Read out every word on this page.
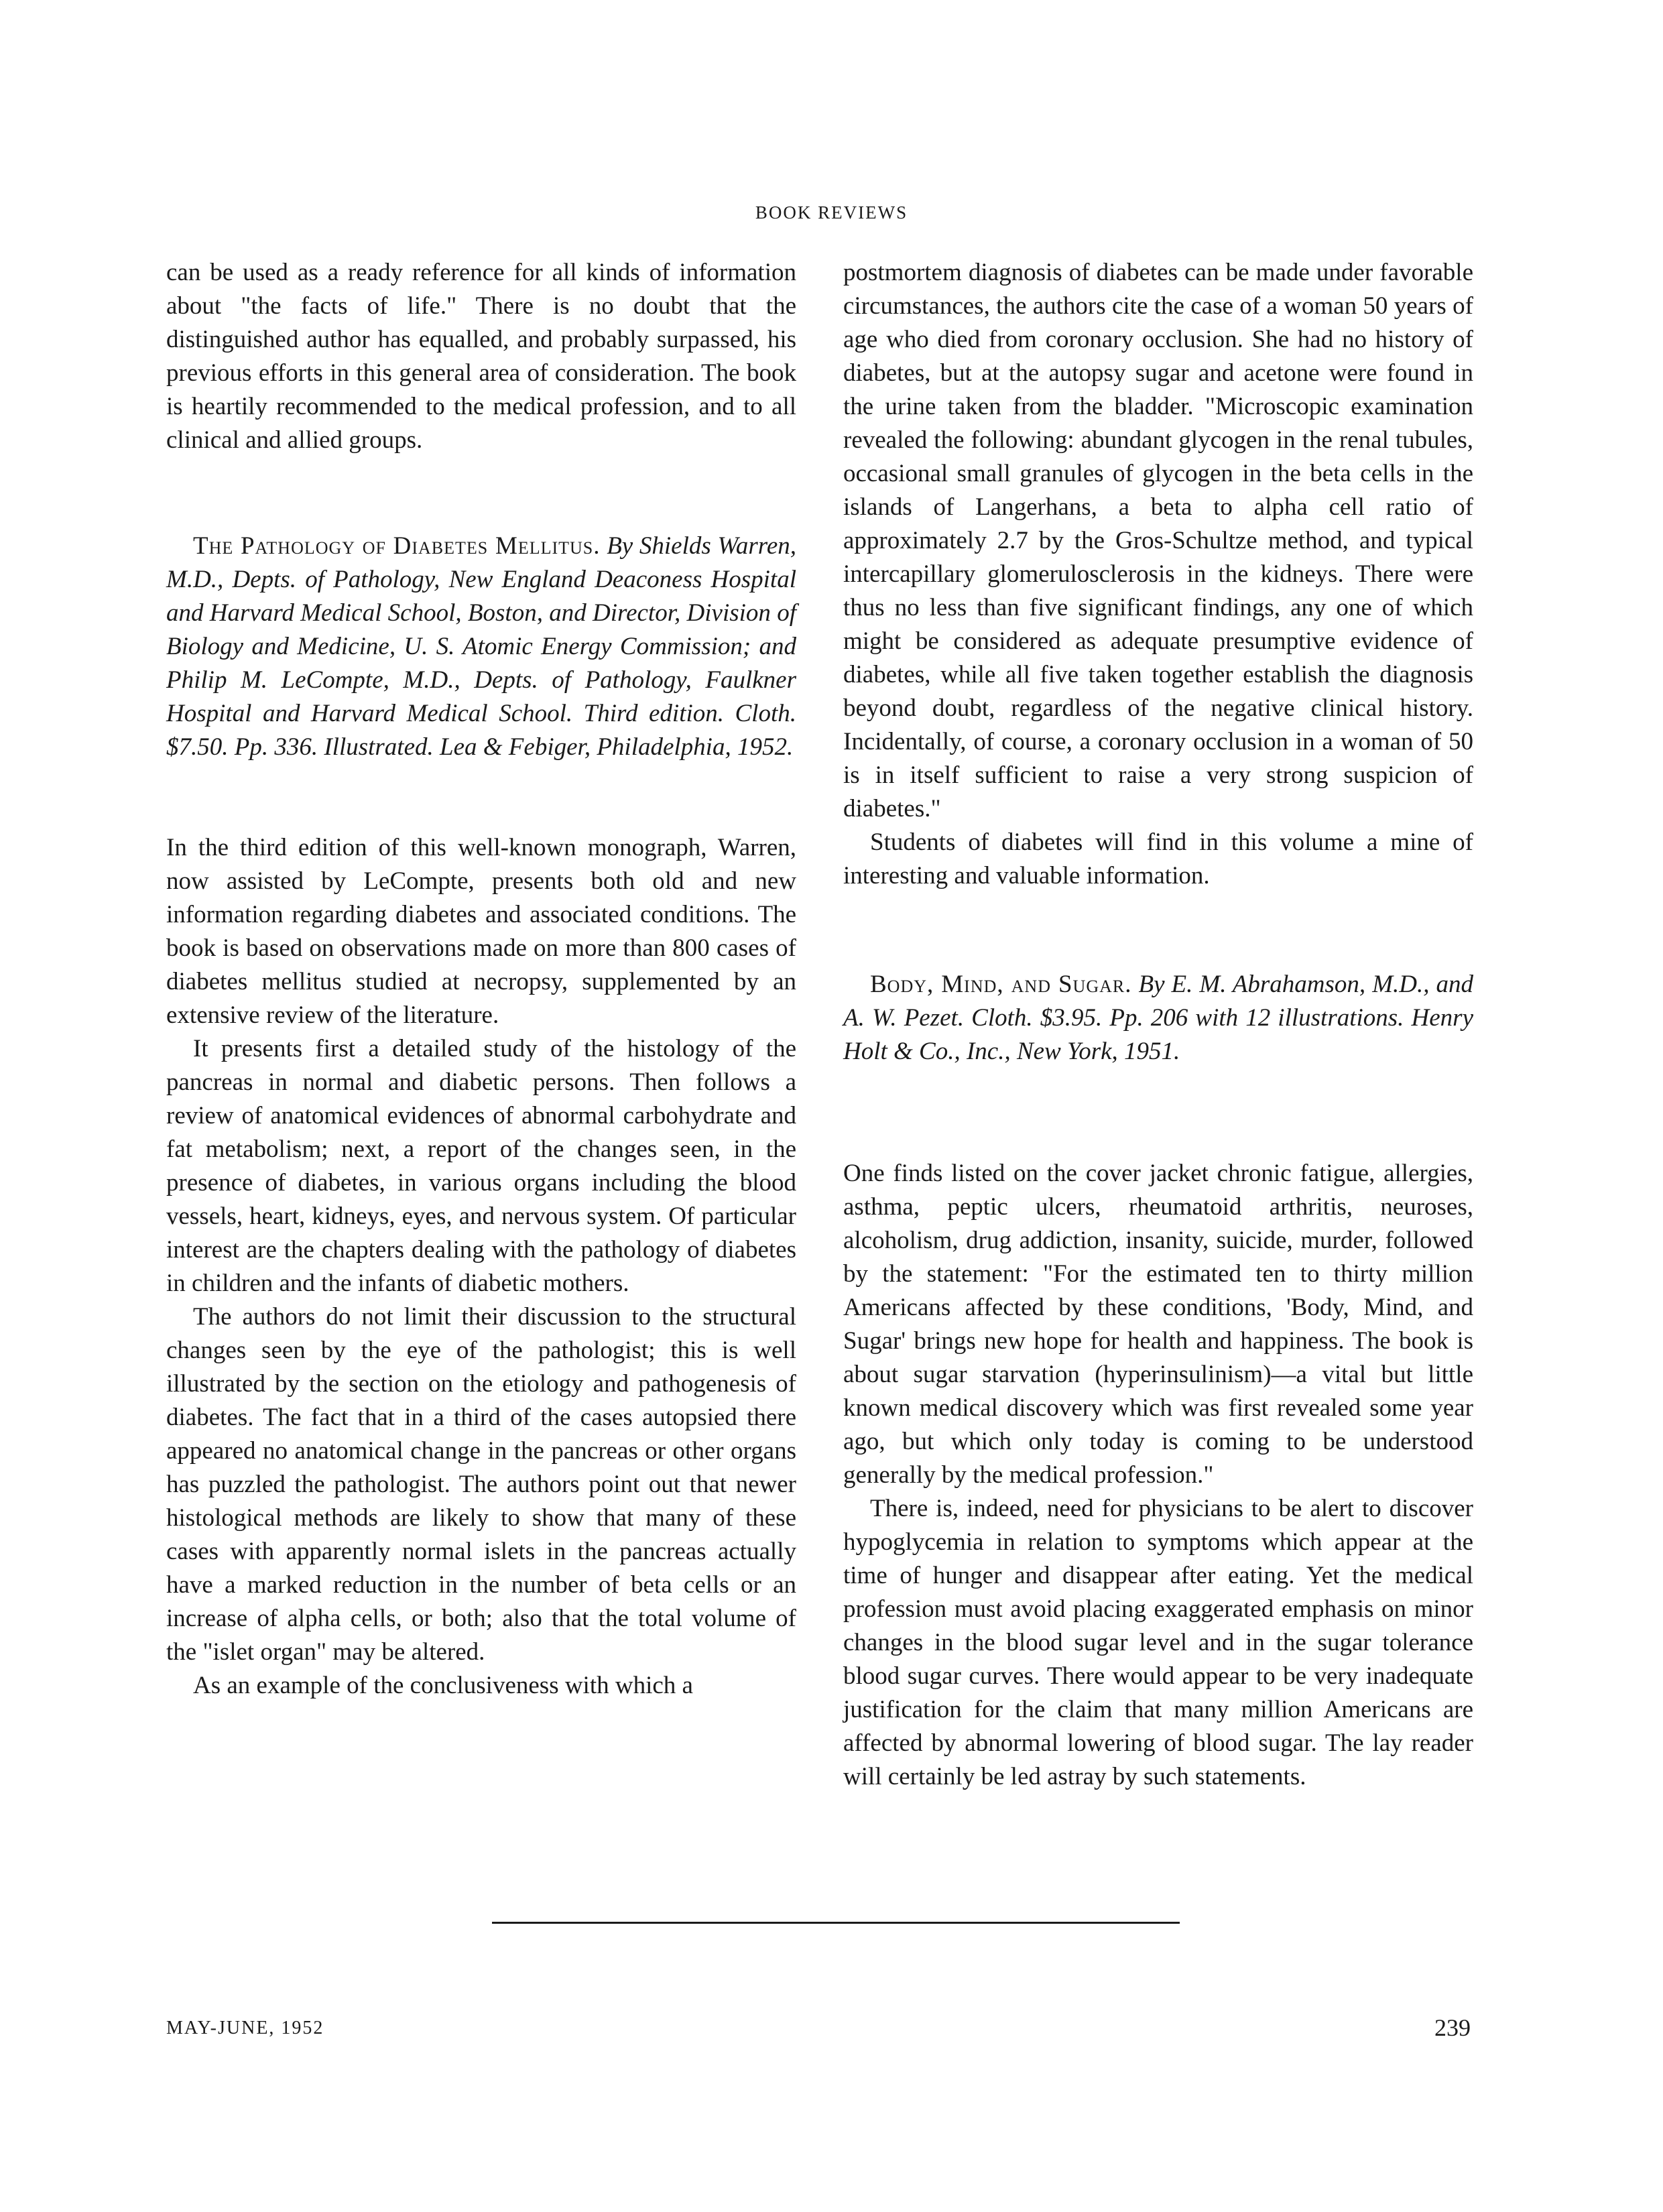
BOOK REVIEWS

can be used as a ready reference for all kinds of information about "the facts of life." There is no doubt that the distinguished author has equalled, and probably surpassed, his previous efforts in this general area of consideration. The book is heartily recommended to the medical profession, and to all clinical and allied groups.

The Pathology of Diabetes Mellitus. By Shields Warren, M.D., Depts. of Pathology, New England Deaconess Hospital and Harvard Medical School, Boston, and Director, Division of Biology and Medicine, U. S. Atomic Energy Commission; and Philip M. LeCompte, M.D., Depts. of Pathology, Faulkner Hospital and Harvard Medical School. Third edition. Cloth. $7.50. Pp. 336. Illustrated. Lea & Febiger, Philadelphia, 1952.

In the third edition of this well-known monograph, Warren, now assisted by LeCompte, presents both old and new information regarding diabetes and associated conditions. The book is based on observations made on more than 800 cases of diabetes mellitus studied at necropsy, supplemented by an extensive review of the literature.

It presents first a detailed study of the histology of the pancreas in normal and diabetic persons. Then follows a review of anatomical evidences of abnormal carbohydrate and fat metabolism; next, a report of the changes seen, in the presence of diabetes, in various organs including the blood vessels, heart, kidneys, eyes, and nervous system. Of particular interest are the chapters dealing with the pathology of diabetes in children and the infants of diabetic mothers.

The authors do not limit their discussion to the structural changes seen by the eye of the pathologist; this is well illustrated by the section on the etiology and pathogenesis of diabetes. The fact that in a third of the cases autopsied there appeared no anatomical change in the pancreas or other organs has puzzled the pathologist. The authors point out that newer histological methods are likely to show that many of these cases with apparently normal islets in the pancreas actually have a marked reduction in the number of beta cells or an increase of alpha cells, or both; also that the total volume of the "islet organ" may be altered.

As an example of the conclusiveness with which a

postmortem diagnosis of diabetes can be made under favorable circumstances, the authors cite the case of a woman 50 years of age who died from coronary occlusion. She had no history of diabetes, but at the autopsy sugar and acetone were found in the urine taken from the bladder. "Microscopic examination revealed the following: abundant glycogen in the renal tubules, occasional small granules of glycogen in the beta cells in the islands of Langerhans, a beta to alpha cell ratio of approximately 2.7 by the Gros-Schultze method, and typical intercapillary glomerulosclerosis in the kidneys. There were thus no less than five significant findings, any one of which might be considered as adequate presumptive evidence of diabetes, while all five taken together establish the diagnosis beyond doubt, regardless of the negative clinical history. Incidentally, of course, a coronary occlusion in a woman of 50 is in itself sufficient to raise a very strong suspicion of diabetes."

Students of diabetes will find in this volume a mine of interesting and valuable information.

Body, Mind, and Sugar. By E. M. Abrahamson, M.D., and A. W. Pezet. Cloth. $3.95. Pp. 206 with 12 illustrations. Henry Holt & Co., Inc., New York, 1951.

One finds listed on the cover jacket chronic fatigue, allergies, asthma, peptic ulcers, rheumatoid arthritis, neuroses, alcoholism, drug addiction, insanity, suicide, murder, followed by the statement: "For the estimated ten to thirty million Americans affected by these conditions, 'Body, Mind, and Sugar' brings new hope for health and happiness. The book is about sugar starvation (hyperinsulinism)—a vital but little known medical discovery which was first revealed some year ago, but which only today is coming to be understood generally by the medical profession."

There is, indeed, need for physicians to be alert to discover hypoglycemia in relation to symptoms which appear at the time of hunger and disappear after eating. Yet the medical profession must avoid placing exaggerated emphasis on minor changes in the blood sugar level and in the sugar tolerance blood sugar curves. There would appear to be very inadequate justification for the claim that many million Americans are affected by abnormal lowering of blood sugar. The lay reader will certainly be led astray by such statements.

MAY-JUNE, 1952	239
